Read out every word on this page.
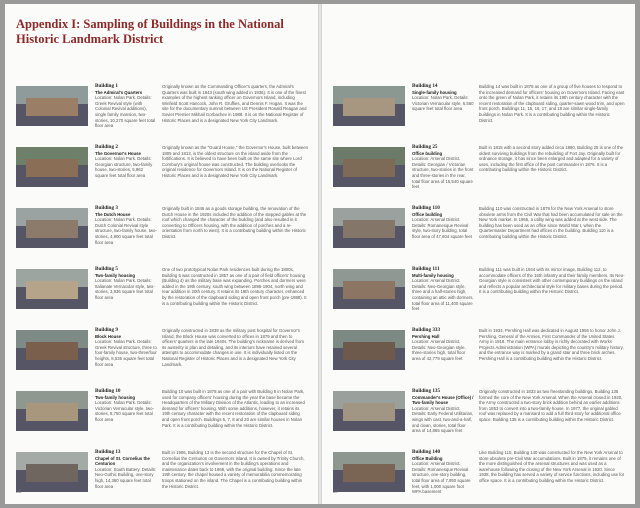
Appendix I: Sampling of Buildings in the National Historic Landmark District
Building 1
The Admiral's Quarters
Location: Nolan Park. Details: Greek Revival style (with Colonial Revival additions), single family mansion, two-stories, 10,270 square feet total floor area
Originally known as the Commanding Officer's quarters, the Admiral's Quarters was built in 1843 (south wing added in 1936). It is one of the finest examples of the highest ranking officer on Governors Island, including Winfield Scott Hancock, John R. Gruffies, and Dennis F. Hogan. It was the site for the documentary summit between US President Ronald Reagan and Soviet Premier Mikhail Gorbachev in 1988. It is on the National Register of Historic Places and is a designated New York City Landmark.
Building 2
The Governor's House
Location: Nolan Park. Details: Georgian structure, two-family house, two-stories, 5,962 square feet total floor area
Originally known as the "Guard House," the Governor's House, built between 1805 and 1813, is the oldest structure on the island aside from the fortifications. It is believed to have been built on the same site where Lord Cornbury's original house was constructed. The building overlooks the original residence for Governors Island. It is on the National Register of Historic Places and is a designated New York City Landmark.
Building 3
The Dutch House
Location: Nolan Park. Details: Dutch Colonial Revival style structure, two-family house, two-stories, 4,800 square feet total floor area
Originally built in 1846 as a goods storage building, the renovation of the Dutch House in the 1920s included the addition of the stepped gables at the roof which changed the character of the building (and also resulted in it converting to Officers housing, with the addition of porches and a re-orientation from north to west). It is a contributing building within the Historic District.
Building 5
Two-family housing
Location: Nolan Park. Details: Italianate Vernacular style, two-stories, 3,936 square feet total floor area
One of two prototypical Nolan Park residences built during the 1800s, Building 5 was constructed in 1857 as one of a pair of field officers' housing (Building 4) as the military base was expanding. Porches and dormers were added in the 19th century, south wing between 1895-1904, north wing and rear addition in 20th century. It retains its 19th century character, enhanced by the restoration of the clapboard siding and open front porch (pre-1988). It is a contributing building within the Historic District.
Building 9
Block House
Location: Nolan Park. Details: Greek Revival structure, three to four-family house, two-three/four heights, 8,535 square feet total floor area
Originally constructed in 1839 as the military post hospital for Governor's Island, the Block House was converted to offices in 1879 and then to officers' quarters in the late 1940s. The building's nickname is derived from its austerity in plan and detailing, and its interiors have retained several attempts to accommodate changes in use. It is individually listed on the National Register of Historic Places and is a designated New York City Landmark.
Building 10
Two-family housing
Location: Nolan Park. Details: Victorian Vernacular style, two-stories, 8,750 square feet total floor area
Building 10 was built in 1878 as one of a pair with Building 8 in Nolan Park, used for company officers' housing during the year the base became the Headquarters of the Military Division of the Atlantic, leading to an increased demand for officers' housing. With some additions, however, it retains its 19th century character with the recent restoration of the clapboard siding and open front porch. Buildings 6, 7, 8 and 20 are similar houses in Nolan Park. It is a contributing building within the Historic District.
Building 13
Chapel of St. Cornelius the Centurion
Location: South Battery. Details: Neo-Gothic Building, one-story high, 14,360 square feet total floor area
Built in 1906, Building 13 is the second structure for the Chapel of St. Cornelius the Centurion on Governors Island. It is owned by Trinity Church, and the organization's involvement in the building's operations and maintenance dates back to 1868, with the original building. Since the late 19th century, the chapel housed a variety of memorabilia commemorating troops stationed on the island. The Chapel is a contributing building within the Historic District.
36
Building 14
Single-family housing
Location: Nolan Park. Details: Victorian Vernacular style, 6,560 square feet total floor area
Building 14 was built in 1878 as one of a group of five houses to respond to the increased demand for officers' housing on Governors Island. Facing east onto the green of Nolan Park, it retains its 19th century character with the recent restoration of the clapboard siding, quarter-sawn wood trim, and open front porch. Buildings 11, 15, 16, 17, and 18 are similar single-family buildings in Nolan Park. It is a contributing building within the Historic District.
Building 25
Office building
Location: Arsenal District. Details: Georgian / Victorian structure, two-stories in the front and three-stories in the rear, total floor area of 15,540 square feet
Built in 1815 with a second story added circa 1880, Building 25 is one of the oldest surviving buildings from the rebuilding of Fort Jay. Originally built for ordnance storage, it has since been enlarged and adapted for a variety of uses, including the first office of the post commander in 1876. It is a contributing building within the Historic District.
Building 110
Office building
Location: Arsenal District. Details: Romanesque Revival style, two-story building, total floor area of 47,604 square feet
Building 110 was constructed in 1879 for the New York Arsenal to store obsolete arms from the Civil War that had been accumulated for sale on the New York market. In 1955, a utility wing was added at the west side. The building has been used as an office since World War I, when the Quartermaster Department had offices in the building. Building 110 is a contributing building within the Historic District.
Building 111
Multi-family housing
Location: Arsenal District. Details: Neo-Georgian style, three and a half-stories high, containing an attic with dormers, total floor area of 11,400 square feet
Building 111 was built in 1934 with its mirror image, Building 112, to accommodate officers of the 16th infantry and their family members. Its Neo-Georgian style is consistent with other contemporary buildings on the island and reflects a popular architectural style for military bases during the period. It is a contributing building within the Historic District.
Building 333
Pershing Hall
Location: Arsenal District. Details: Neo-Georgian style, three-stories high, total floor area of 42,779 square feet
Built in 1934, Pershing Hall was dedicated in August 1956 to honor John J. Pershing, General of the Armies, First Commander of the United States Army in 1918. The main entrance lobby is richly decorated with Works Projects Administration (WPA) murals depicting the country's military history, and the entrance way is marked by a grand stair and three brick arches. Pershing Hall is a contributing building within the Historic District.
Building 135
Commander's House (Office) / Two-family house
Location: Arsenal District. Details: Early Federal Utilitarian, wings with cast, two-and-a-half, and clean, stories, total floor area of 14,865 square feet
Originally constructed in 1833 as two freestanding buildings, Building 135 formed the core of the New York Arsenal. When the Arsenal closed in 1920, the Army constructed a two-story brick addition behind an earlier additions from 1853 to convert into a two-family house. In 1977, the original gabled roof was replaced by a mansard to add a full third story for additional office space. Building 135 is a contributing building within the Historic District.
Building 140
Office Building
Location: Arsenal District. Details: Romanesque Revival structure, one-story building, total floor area of 7,950 square feet, with 1,000 square foot WPA basement
Like Building 110, Building 140 was constructed for the New York Arsenal to store obsolete pre-Civil War accumulations. Built in 1875, it remains one of the more distinguished of the arsenal structures and was used as a warehouse following the closing of the New York Arsenal in 1920. Since 1938, the building has served a variety of service functions, including use for office space. It is a contributing building within the Historic District.
37
